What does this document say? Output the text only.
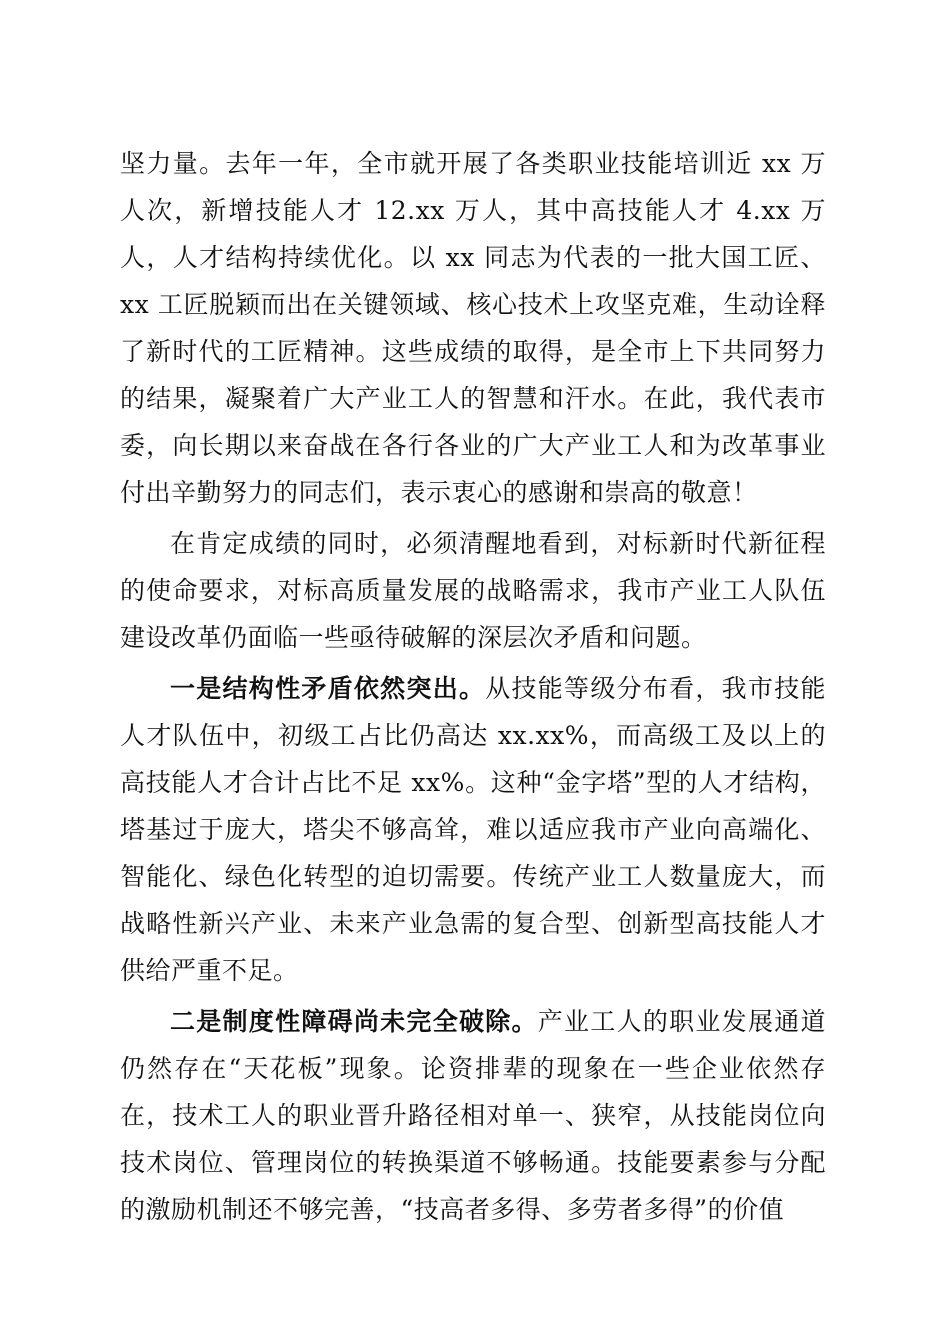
坚力量。去年一年，全市就开展了各类职业技能培训近 xx 万人次，新增技能人才 12.xx 万人，其中高技能人才 4.xx 万人，人才结构持续优化。以 xx 同志为代表的一批大国工匠、xx 工匠脱颖而出在关键领域、核心技术上攻坚克难，生动诠释了新时代的工匠精神。这些成绩的取得，是全市上下共同努力的结果，凝聚着广大产业工人的智慧和汗水。在此，我代表市委，向长期以来奋战在各行各业的广大产业工人和为改革事业付出辛勤努力的同志们，表示衷心的感谢和崇高的敬意！

在肯定成绩的同时，必须清醒地看到，对标新时代新征程的使命要求，对标高质量发展的战略需求，我市产业工人队伍建设改革仍面临一些亟待破解的深层次矛盾和问题。

一是结构性矛盾依然突出。从技能等级分布看，我市技能人才队伍中，初级工占比仍高达 xx.xx%，而高级工及以上的高技能人才合计占比不足 xx%。这种“金字塔”型的人才结构，塔基过于庞大，塔尖不够高耸，难以适应我市产业向高端化、智能化、绿色化转型的迫切需要。传统产业工人数量庞大，而战略性新兴产业、未来产业急需的复合型、创新型高技能人才供给严重不足。

二是制度性障碍尚未完全破除。产业工人的职业发展通道仍然存在“天花板”现象。论资排辈的现象在一些企业依然存在，技术工人的职业晋升路径相对单一、狭窄，从技能岗位向技术岗位、管理岗位的转换渠道不够畅通。技能要素参与分配的激励机制还不够完善，“技高者多得、多劳者多得”的价值
